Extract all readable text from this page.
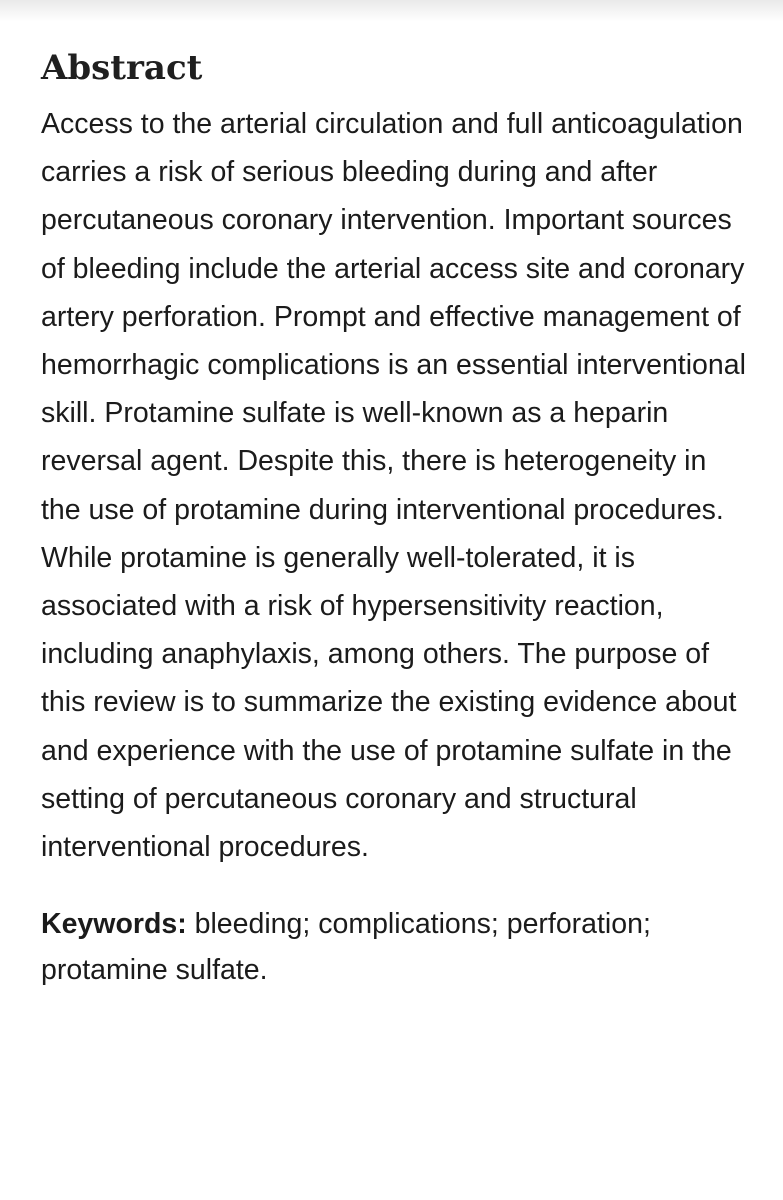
Abstract

Access to the arterial circulation and full anticoagulation carries a risk of serious bleeding during and after percutaneous coronary intervention. Important sources of bleeding include the arterial access site and coronary artery perforation. Prompt and effective management of hemorrhagic complications is an essential interventional skill. Protamine sulfate is well-known as a heparin reversal agent. Despite this, there is heterogeneity in the use of protamine during interventional procedures. While protamine is generally well-tolerated, it is associated with a risk of hypersensitivity reaction, including anaphylaxis, among others. The purpose of this review is to summarize the existing evidence about and experience with the use of protamine sulfate in the setting of percutaneous coronary and structural interventional procedures.

Keywords: bleeding; complications; perforation; protamine sulfate.
